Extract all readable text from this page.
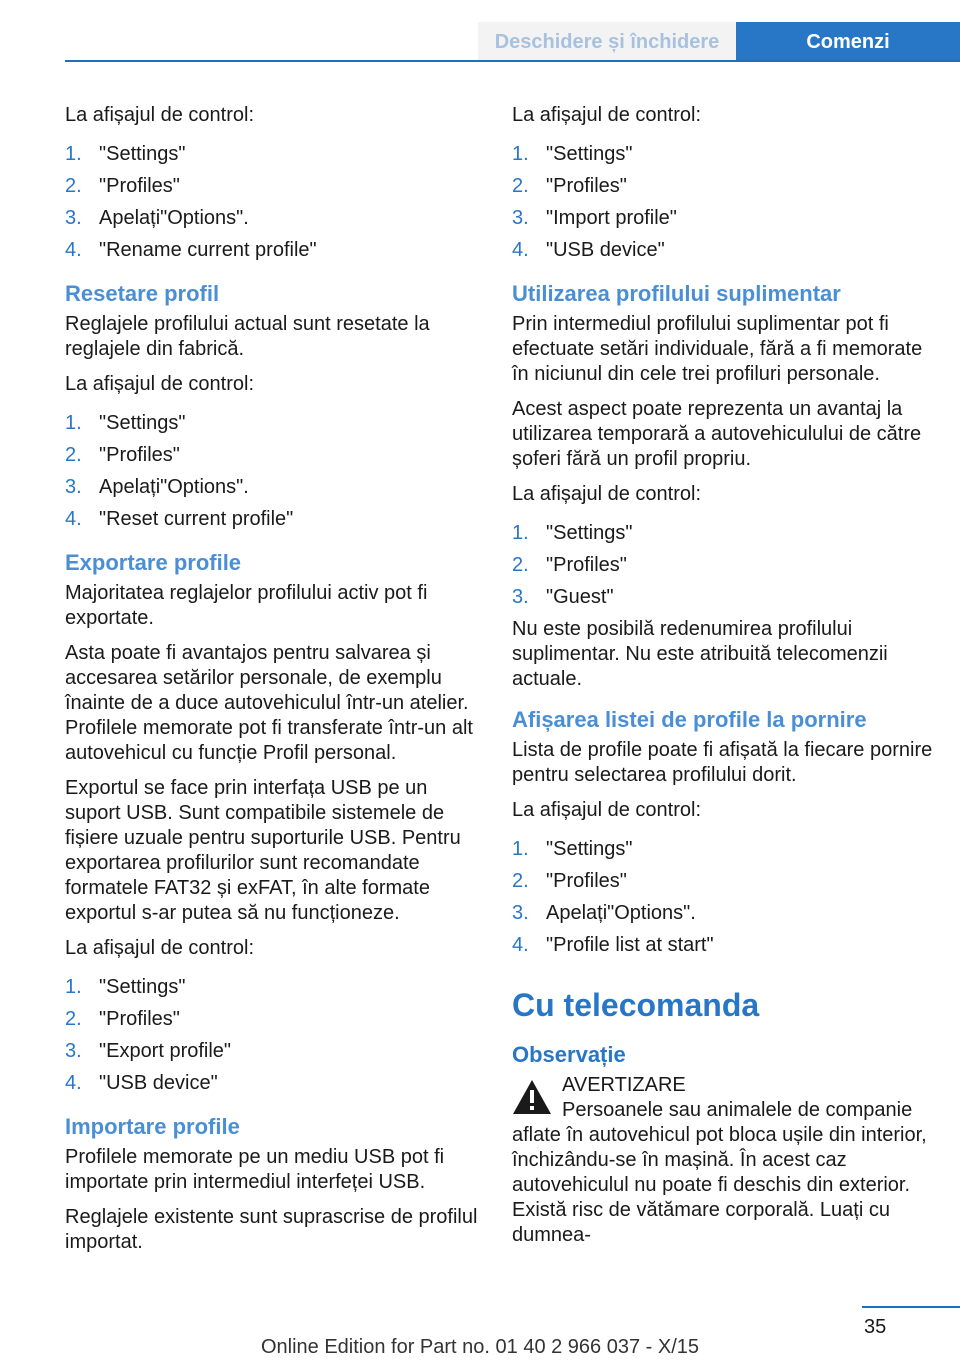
Deschidere și închidere	Comenzi

La afișajul de control:

1. "Settings"
2. "Profiles"
3. Apelați"Options".
4. "Rename current profile"
Resetare profil

Reglajele profilului actual sunt resetate la reglajele din fabrică.

La afișajul de control:

1. "Settings"
2. "Profiles"
3. Apelați"Options".
4. "Reset current profile"
Exportare profile

Majoritatea reglajelor profilului activ pot fi exportate.

Asta poate fi avantajos pentru salvarea și accesarea setărilor personale, de exemplu înainte de a duce autovehiculul într-un atelier. Profilele memorate pot fi transferate într-un alt autovehicul cu funcție Profil personal.

Exportul se face prin interfața USB pe un suport USB. Sunt compatibile sistemele de fișiere uzuale pentru suporturile USB. Pentru exportarea profilurilor sunt recomandate formatele FAT32 și exFAT, în alte formate exportul s-ar putea să nu funcționeze.

La afișajul de control:

1. "Settings"
2. "Profiles"
3. "Export profile"
4. "USB device"
Importare profile

Profilele memorate pe un mediu USB pot fi importate prin intermediul interfeței USB.

Reglajele existente sunt suprascrise de profilul importat.

La afișajul de control:

1. "Settings"
2. "Profiles"
3. "Import profile"
4. "USB device"
Utilizarea profilului suplimentar

Prin intermediul profilului suplimentar pot fi efectuate setări individuale, fără a fi memorate în niciunul din cele trei profiluri personale.

Acest aspect poate reprezenta un avantaj la utilizarea temporară a autovehiculului de către șoferi fără un profil propriu.

La afișajul de control:

1. "Settings"
2. "Profiles"
3. "Guest"

Nu este posibilă redenumirea profilului suplimentar. Nu este atribuită telecomenzii actuale.

Afișarea listei de profile la pornire

Lista de profile poate fi afișată la fiecare pornire pentru selectarea profilului dorit.

La afișajul de control:

1. "Settings"
2. "Profiles"
3. Apelați"Options".
4. "Profile list at start"
Cu telecomanda
Observație

AVERTIZARE

Persoanele sau animalele de companie aflate în autovehicul pot bloca ușile din interior, închizându-se în mașină. În acest caz autovehiculul nu poate fi deschis din exterior. Există risc de vătămare corporală. Luați cu dumnea-

35
Online Edition for Part no. 01 40 2 966 037 - X/15
